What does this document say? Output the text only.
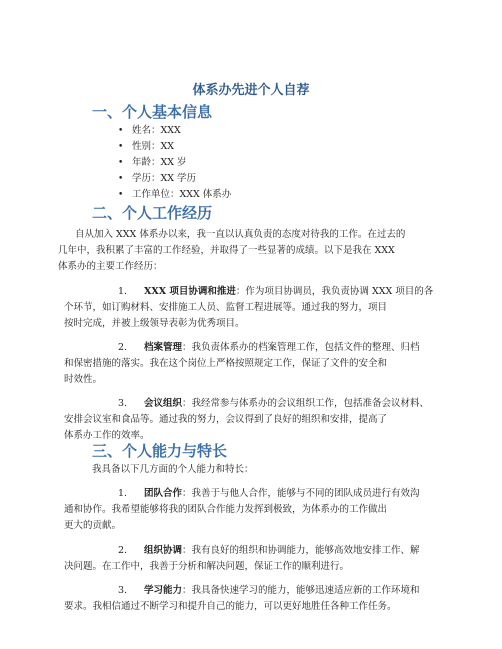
体系办先进个人自荐
一、个人基本信息
• 姓名：XXX
• 性别：XX
• 年龄：XX 岁
• 学历：XX 学历
• 工作单位：XXX 体系办
二、个人工作经历
自从加入 XXX 体系办以来，我一直以认真负责的态度对待我的工作。在过去的
几年中，我积累了丰富的工作经验，并取得了一些显著的成绩。以下是我在 XXX
体系办的主要工作经历：
1. XXX 项目协调和推进：作为项目协调员，我负责协调 XXX 项目的各
个环节，如订购材料、安排施工人员、监督工程进展等。通过我的努力，项目
按时完成，并被上级领导表彰为优秀项目。
2. 档案管理：我负责体系办的档案管理工作，包括文件的整理、归档
和保密措施的落实。我在这个岗位上严格按照规定工作，保证了文件的安全和
时效性。
3. 会议组织：我经常参与体系办的会议组织工作，包括准备会议材料、
安排会议室和食品等。通过我的努力，会议得到了良好的组织和安排，提高了
体系办工作的效率。
三、个人能力与特长
我具备以下几方面的个人能力和特长：
1. 团队合作：我善于与他人合作，能够与不同的团队成员进行有效沟
通和协作。我希望能够将我的团队合作能力发挥到极致，为体系办的工作做出
更大的贡献。
2. 组织协调：我有良好的组织和协调能力，能够高效地安排工作、解
决问题。在工作中，我善于分析和解决问题，保证工作的顺利进行。
3. 学习能力：我具备快速学习的能力，能够迅速适应新的工作环境和
要求。我相信通过不断学习和提升自己的能力，可以更好地胜任各种工作任务。
